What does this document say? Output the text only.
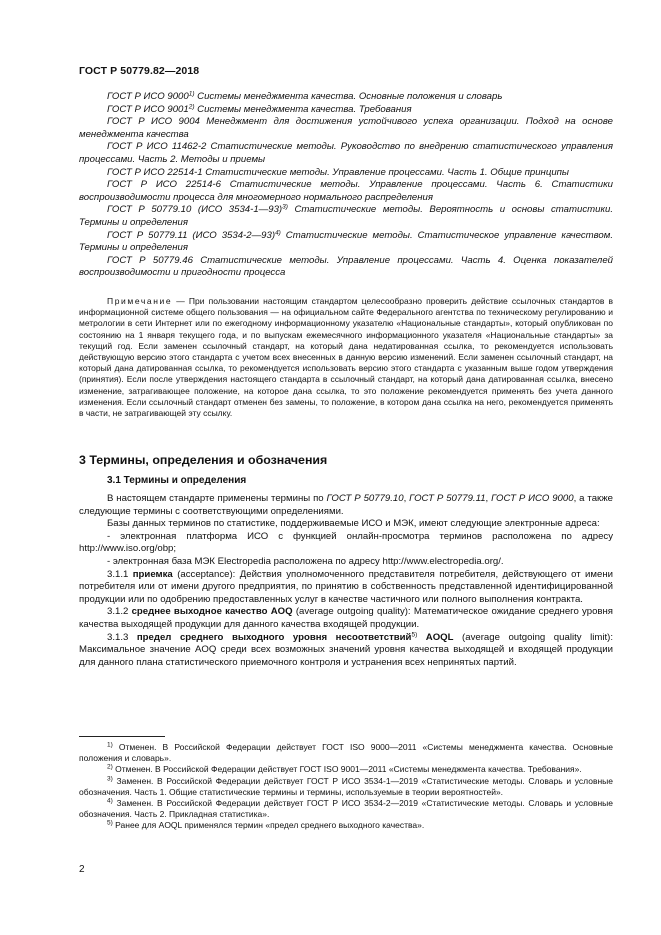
ГОСТ Р 50779.82—2018

ГОСТ Р ИСО 9000$^{1)}$ Системы менеджмента качества. Основные положения и словарь

ГОСТ Р ИСО 9001$^{2)}$ Системы менеджмента качества. Требования

ГОСТ Р ИСО 9004 Менеджмент для достижения устойчивого успеха организации. Подход на основе менеджмента качества

ГОСТ Р ИСО 11462-2 Статистические методы. Руководство по внедрению статистического управления процессами. Часть 2. Методы и приемы

ГОСТ Р ИСО 22514-1 Статистические методы. Управление процессами. Часть 1. Общие принципы

ГОСТ Р ИСО 22514-6 Статистические методы. Управление процессами. Часть 6. Статистики воспроизводимости процесса для многомерного нормального распределения

ГОСТ Р 50779.10 (ИСО 3534-1—93)$^{3)}$ Статистические методы. Вероятность и основы статистики. Термины и определения

ГОСТ Р 50779.11 (ИСО 3534-2—93)$^{4)}$ Статистические методы. Статистическое управление качеством. Термины и определения

ГОСТ Р 50779.46 Статистические методы. Управление процессами. Часть 4. Оценка показателей воспроизводимости и пригодности процесса

Примечание — При пользовании настоящим стандартом целесообразно проверить действие ссылочных стандартов в информационной системе общего пользования — на официальном сайте Федерального агентства по техническому регулированию и метрологии в сети Интернет или по ежегодному информационному указателю «Национальные стандарты», который опубликован по состоянию на 1 января текущего года, и по выпускам ежемесячного информационного указателя «Национальные стандарты» за текущий год. Если заменен ссылочный стандарт, на который дана недатированная ссылка, то рекомендуется использовать действующую версию этого стандарта с учетом всех внесенных в данную версию изменений. Если заменен ссылочный стандарт, на который дана датированная ссылка, то рекомендуется использовать версию этого стандарта с указанным выше годом утверждения (принятия). Если после утверждения настоящего стандарта в ссылочный стандарт, на который дана датированная ссылка, внесено изменение, затрагивающее положение, на которое дана ссылка, то это положение рекомендуется применять без учета данного изменения. Если ссылочный стандарт отменен без замены, то положение, в котором дана ссылка на него, рекомендуется применять в части, не затрагивающей эту ссылку.

3 Термины, определения и обозначения
3.1 Термины и определения

В настоящем стандарте применены термины по ГОСТ Р 50779.10, ГОСТ Р 50779.11, ГОСТ Р ИСО 9000, а также следующие термины с соответствующими определениями.

Базы данных терминов по статистике, поддерживаемые ИСО и МЭК, имеют следующие электронные адреса:

- электронная платформа ИСО с функцией онлайн-просмотра терминов расположена по адресу http://www.iso.org/obp;

- электронная база МЭК Electropedia расположена по адресу http://www.electropedia.org/.

3.1.1 приемка (acceptance): Действия уполномоченного представителя потребителя, действующего от имени потребителя или от имени другого предприятия, по принятию в собственность представленной идентифицированной продукции или по одобрению предоставленных услуг в качестве частичного или полного выполнения контракта.

3.1.2 среднее выходное качество AOQ (average outgoing quality): Математическое ожидание среднего уровня качества выходящей продукции для данного качества входящей продукции.

3.1.3 предел среднего выходного уровня несоответствий$^{5)}$ AOQL (average outgoing quality limit): Максимальное значение AOQ среди всех возможных значений уровня качества выходящей и входящей продукции для данного плана статистического приемочного контроля и устранения всех непринятых партий.

$^{1)}$ Отменен. В Российской Федерации действует ГОСТ ISO 9000—2011 «Системы менеджмента качества. Основные положения и словарь».

$^{2)}$ Отменен. В Российской Федерации действует ГОСТ ISO 9001—2011 «Системы менеджмента качества. Требования».

$^{3)}$ Заменен. В Российской Федерации действует ГОСТ Р ИСО 3534-1—2019 «Статистические методы. Словарь и условные обозначения. Часть 1. Общие статистические термины и термины, используемые в теории вероятностей».

$^{4)}$ Заменен. В Российской Федерации действует ГОСТ Р ИСО 3534-2—2019 «Статистические методы. Словарь и условные обозначения. Часть 2. Прикладная статистика».

$^{5)}$ Ранее для AOQL применялся термин «предел среднего выходного качества».

2
